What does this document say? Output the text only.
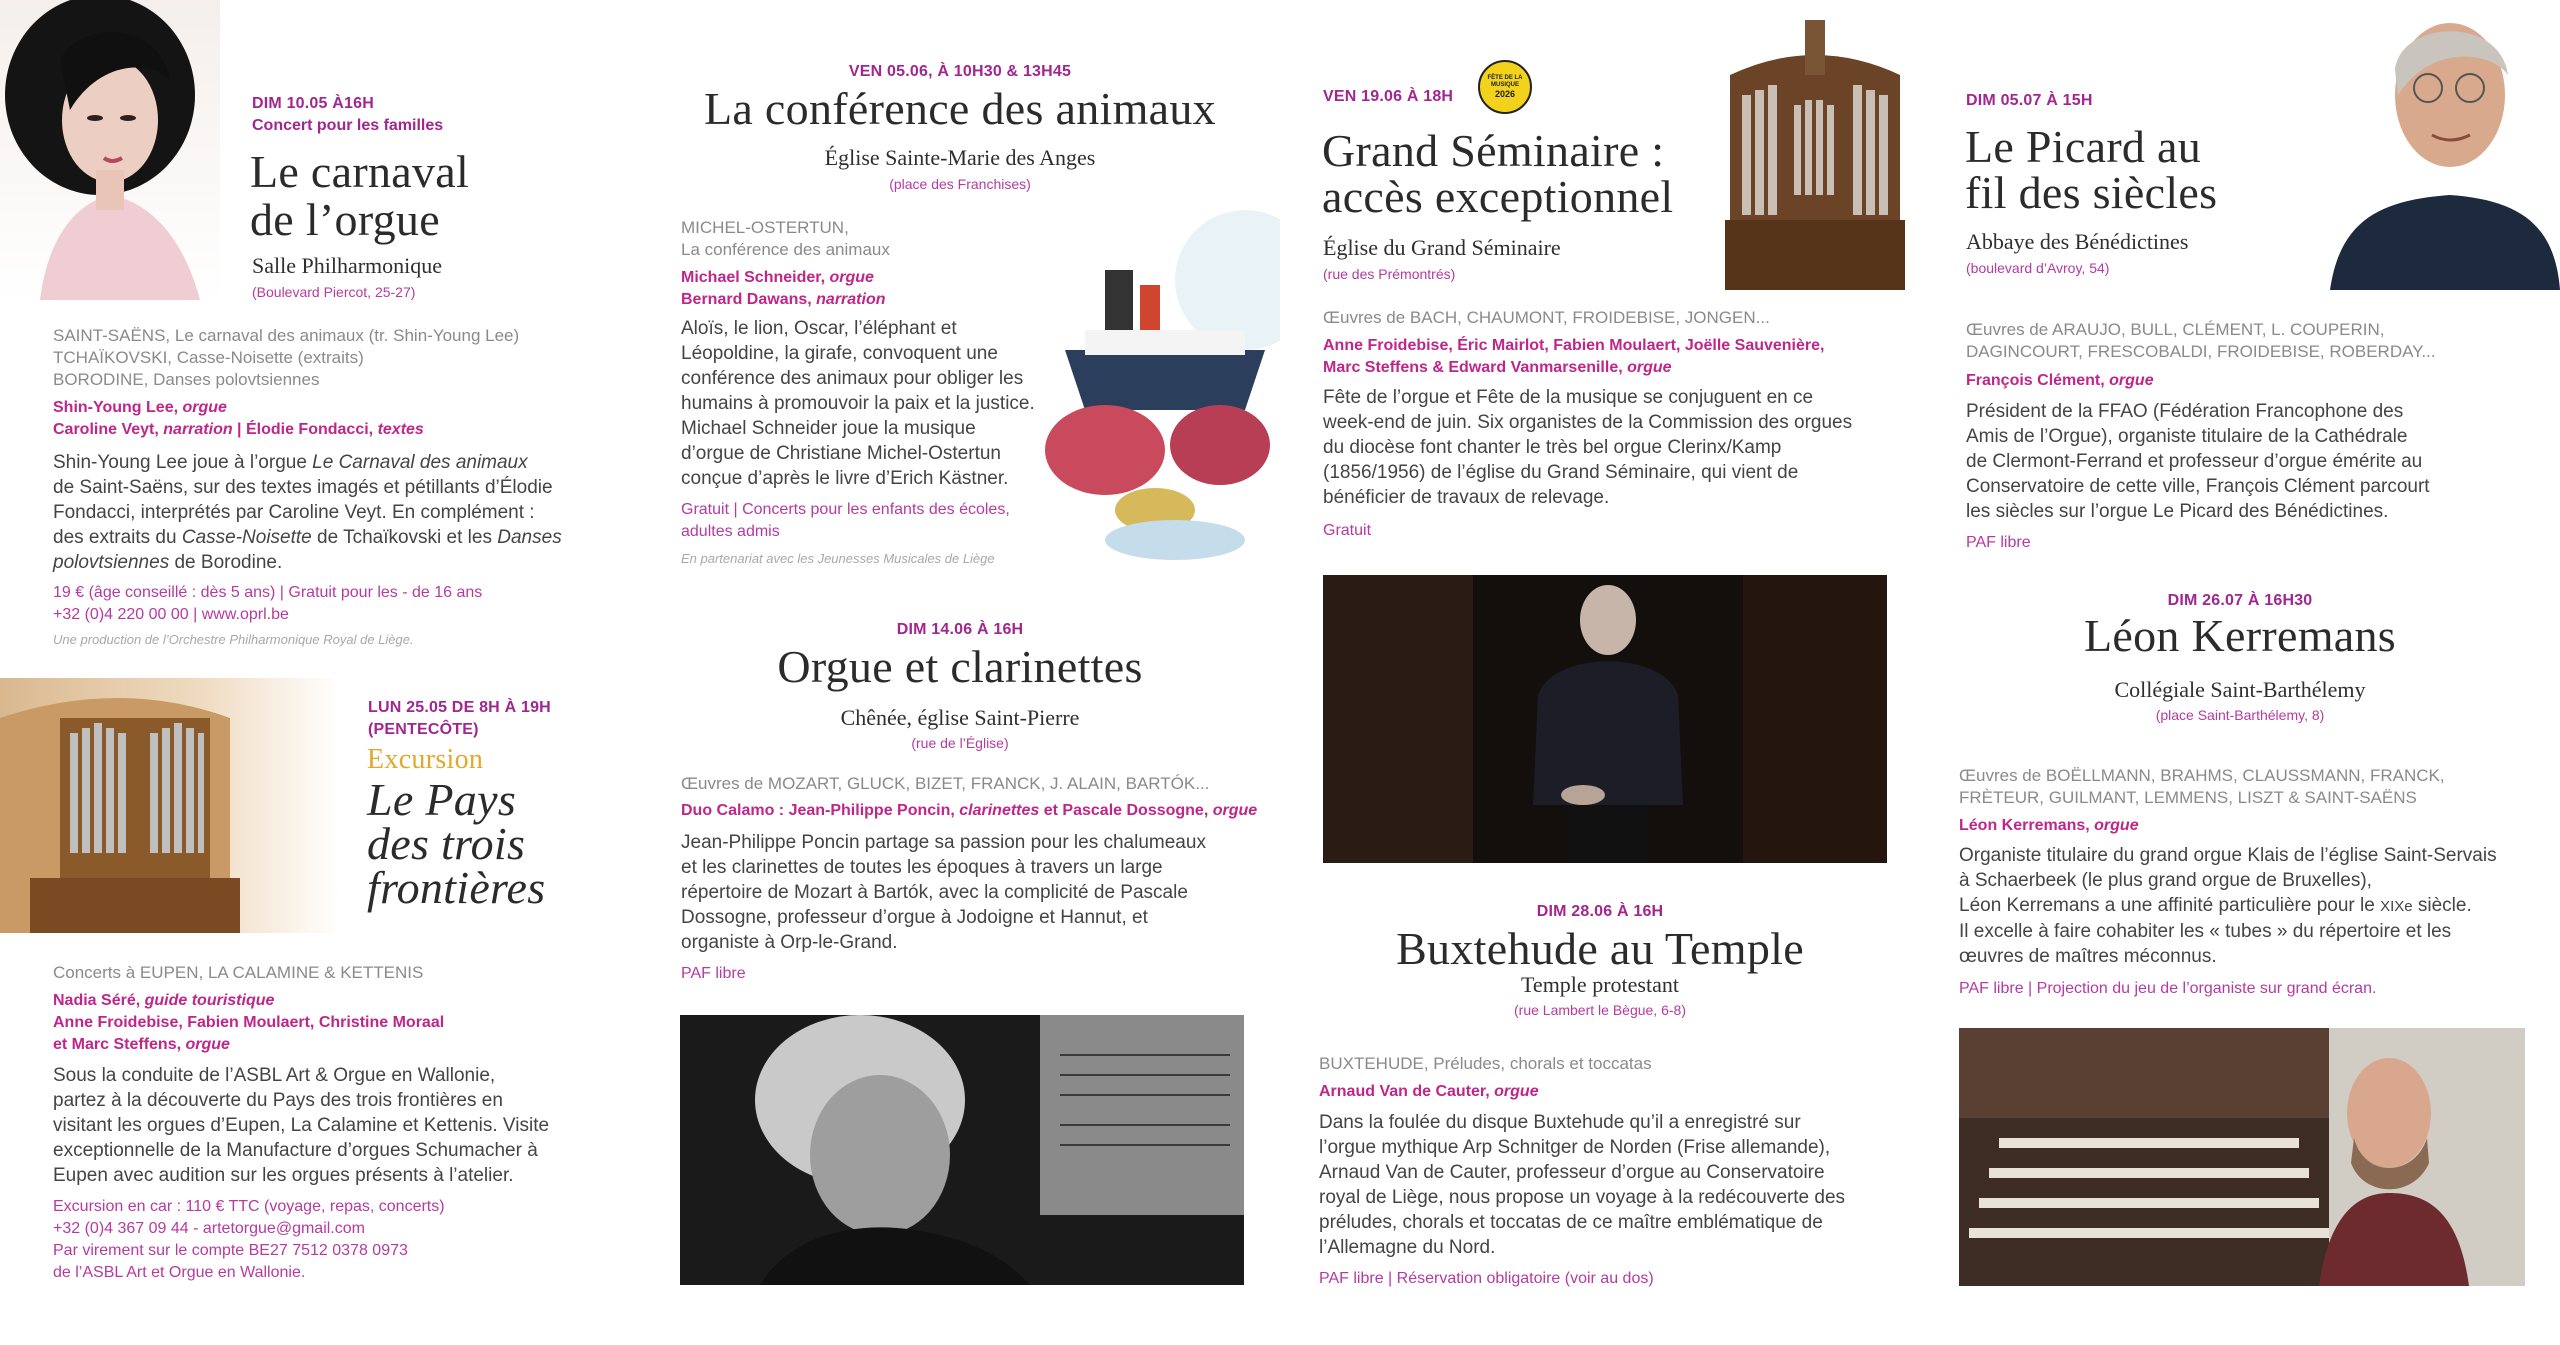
DIM 10.05 À16H
Concert pour les familles
Le carnaval
de l’orgue
Salle Philharmonique
(Boulevard Piercot, 25-27)
SAINT-SAËNS, Le carnaval des animaux (tr. Shin-Young Lee)
TCHAÏKOVSKI, Casse-Noisette (extraits)
BORODINE, Danses polovtsiennes
Shin-Young Lee, orgue
Caroline Veyt, narration | Élodie Fondacci, textes
Shin-Young Lee joue à l’orgue Le Carnaval des animaux
de Saint-Saëns, sur des textes imagés et pétillants d’Élodie
Fondacci, interprétés par Caroline Veyt. En complément :
des extraits du Casse-Noisette de Tchaïkovski et les Danses
polovtsiennes de Borodine.
19 € (âge conseillé : dès 5 ans) | Gratuit pour les - de 16 ans
+32 (0)4 220 00 00 | www.oprl.be
Une production de l’Orchestre Philharmonique Royal de Liège.
LUN 25.05 DE 8H À 19H
(PENTECÔTE)
Excursion
Le Pays
des trois
frontières
Concerts à EUPEN, LA CALAMINE & KETTENIS
Nadia Séré, guide touristique
Anne Froidebise, Fabien Moulaert, Christine Moraal
et Marc Steffens, orgue
Sous la conduite de l’ASBL Art & Orgue en Wallonie,
partez à la découverte du Pays des trois frontières en
visitant les orgues d’Eupen, La Calamine et Kettenis. Visite
exceptionnelle de la Manufacture d’orgues Schumacher à
Eupen avec audition sur les orgues présents à l’atelier.
Excursion en car : 110 € TTC (voyage, repas, concerts)
+32 (0)4 367 09 44 - artetorgue@gmail.com
Par virement sur le compte BE27 7512 0378 0973
de l’ASBL Art et Orgue en Wallonie.
VEN 05.06, À 10H30 & 13H45
La conférence des animaux
Église Sainte-Marie des Anges
(place des Franchises)
MICHEL-OSTERTUN,
La conférence des animaux
Michael Schneider, orgue
Bernard Dawans, narration
Aloïs, le lion, Oscar, l’éléphant et
Léopoldine, la girafe, convoquent une
conférence des animaux pour obliger les
humains à promouvoir la paix et la justice.
Michael Schneider joue la musique
d’orgue de Christiane Michel-Ostertun
conçue d’après le livre d’Erich Kästner.
Gratuit | Concerts pour les enfants des écoles,
adultes admis
En partenariat avec les Jeunesses Musicales de Liège
DIM 14.06 À 16H
Orgue et clarinettes
Chênée, église Saint-Pierre
(rue de l’Église)
Œuvres de MOZART, GLUCK, BIZET, FRANCK, J. ALAIN, BARTÓK...
Duo Calamo : Jean-Philippe Poncin, clarinettes et Pascale Dossogne, orgue
Jean-Philippe Poncin partage sa passion pour les chalumeaux
et les clarinettes de toutes les époques à travers un large
répertoire de Mozart à Bartók, avec la complicité de Pascale
Dossogne, professeur d’orgue à Jodoigne et Hannut, et
organiste à Orp-le-Grand.
PAF libre
VEN 19.06 À 18H
FÊTE DE LA MUSIQUE
2026
Grand Séminaire :
accès exceptionnel
Église du Grand Séminaire
(rue des Prémontrés)
Œuvres de BACH, CHAUMONT, FROIDEBISE, JONGEN...
Anne Froidebise, Éric Mairlot, Fabien Moulaert, Joëlle Sauvenière,
Marc Steffens & Edward Vanmarsenille, orgue
Fête de l’orgue et Fête de la musique se conjuguent en ce
week-end de juin. Six organistes de la Commission des orgues
du diocèse font chanter le très bel orgue Clerinx/Kamp
(1856/1956) de l’église du Grand Séminaire, qui vient de
bénéficier de travaux de relevage.
Gratuit
DIM 28.06 À 16H
Buxtehude au Temple
Temple protestant
(rue Lambert le Bègue, 6-8)
BUXTEHUDE, Préludes, chorals et toccatas
Arnaud Van de Cauter, orgue
Dans la foulée du disque Buxtehude qu’il a enregistré sur
l’orgue mythique Arp Schnitger de Norden (Frise allemande),
Arnaud Van de Cauter, professeur d’orgue au Conservatoire
royal de Liège, nous propose un voyage à la redécouverte des
préludes, chorals et toccatas de ce maître emblématique de
l’Allemagne du Nord.
PAF libre | Réservation obligatoire (voir au dos)
DIM 05.07 À 15H
Le Picard au
fil des siècles
Abbaye des Bénédictines
(boulevard d’Avroy, 54)
Œuvres de ARAUJO, BULL, CLÉMENT, L. COUPERIN,
DAGINCOURT, FRESCOBALDI, FROIDEBISE, ROBERDAY...
François Clément, orgue
Président de la FFAO (Fédération Francophone des
Amis de l’Orgue), organiste titulaire de la Cathédrale
de Clermont-Ferrand et professeur d’orgue émérite au
Conservatoire de cette ville, François Clément parcourt
les siècles sur l’orgue Le Picard des Bénédictines.
PAF libre
DIM 26.07 À 16H30
Léon Kerremans
Collégiale Saint-Barthélemy
(place Saint-Barthélemy, 8)
Œuvres de BOËLLMANN, BRAHMS, CLAUSSMANN, FRANCK,
FRÈTEUR, GUILMANT, LEMMENS, LISZT & SAINT-SAËNS
Léon Kerremans, orgue
Organiste titulaire du grand orgue Klais de l’église Saint-Servais
à Schaerbeek (le plus grand orgue de Bruxelles),
Léon Kerremans a une affinité particulière pour le XIXe siècle.
Il excelle à faire cohabiter les « tubes » du répertoire et les
œuvres de maîtres méconnus.
PAF libre | Projection du jeu de l’organiste sur grand écran.
